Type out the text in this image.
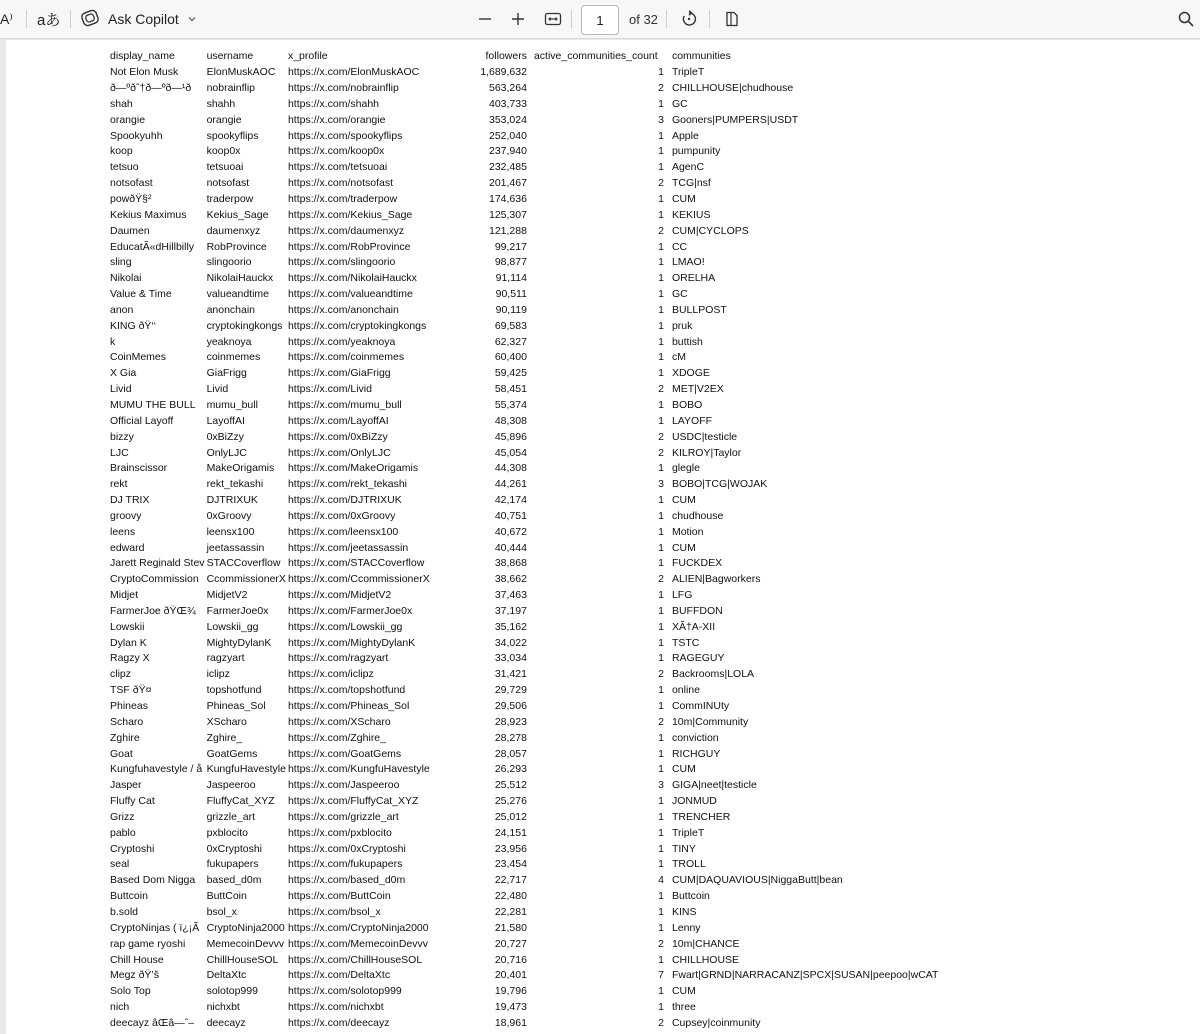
A⁾ aあ	Ask Copilot	1	of 32
display_name	username	x_profile	followers	active_communities_count	communities
Not Elon Musk	ElonMuskAOC	https://x.com/ElonMuskAOC	1,689,632	1	TripleT
ð—ºðˆ†ð—ºð—¹ð	nobrainflip	https://x.com/nobrainflip	563,264	2	CHILLHOUSE|chudhouse
shah	shahh	https://x.com/shahh	403,733	1	GC
orangie	orangie	https://x.com/orangie	353,024	3	Gooners|PUMPERS|USDT
Spookyuhh	spookyflips	https://x.com/spookyflips	252,040	1	Apple
koop	koop0x	https://x.com/koop0x	237,940	1	pumpunity
tetsuo	tetsuoai	https://x.com/tetsuoai	232,485	1	AgenC
notsofast	notsofast	https://x.com/notsofast	201,467	2	TCG|nsf
powðŸ§²	traderpow	https://x.com/traderpow	174,636	1	CUM
Kekius Maximus	Kekius_Sage	https://x.com/Kekius_Sage	125,307	1	KEKIUS
Daumen	daumenxyz	https://x.com/daumenxyz	121,288	2	CUM|CYCLOPS
EducatÃ«dHillbilly	RobProvince	https://x.com/RobProvince	99,217	1	CC
sling	slingoorio	https://x.com/slingoorio	98,877	1	LMAO!
Nikolai	NikolaiHauckx	https://x.com/NikolaiHauckx	91,114	1	ORELHA
Value & Time	valueandtime	https://x.com/valueandtime	90,511	1	GC
anon	anonchain	https://x.com/anonchain	90,119	1	BULLPOST
KING ðŸ‘‘	cryptokingkongs	https://x.com/cryptokingkongs	69,583	1	pruk
k	yeaknoya	https://x.com/yeaknoya	62,327	1	buttish
CoinMemes	coinmemes	https://x.com/coinmemes	60,400	1	cM
X Gia	GiaFrigg	https://x.com/GiaFrigg	59,425	1	XDOGE
Livid	Livid	https://x.com/Livid	58,451	2	MET|V2EX
MUMU THE BULL	mumu_bull	https://x.com/mumu_bull	55,374	1	BOBO
Official Layoff	LayoffAI	https://x.com/LayoffAI	48,308	1	LAYOFF
bizzy	0xBiZzy	https://x.com/0xBiZzy	45,896	2	USDC|testicle
LJC	OnlyLJC	https://x.com/OnlyLJC	45,054	2	KILROY|Taylor
Brainscissor	MakeOrigamis	https://x.com/MakeOrigamis	44,308	1	glegle
rekt	rekt_tekashi	https://x.com/rekt_tekashi	44,261	3	BOBO|TCG|WOJAK
DJ TRIX	DJTRIXUK	https://x.com/DJTRIXUK	42,174	1	CUM
groovy	0xGroovy	https://x.com/0xGroovy	40,751	1	chudhouse
leens	leensx100	https://x.com/leensx100	40,672	1	Motion
edward	jeetassassin	https://x.com/jeetassassin	40,444	1	CUM
Jarett Reginald Stev	STACCoverflow	https://x.com/STACCoverflow	38,868	1	FUCKDEX
CryptoCommission	CcommissionerX	https://x.com/CcommissionerX	38,662	2	ALIEN|Bagworkers
Midjet	MidjetV2	https://x.com/MidjetV2	37,463	1	LFG
FarmerJoe ðŸŒ¾	FarmerJoe0x	https://x.com/FarmerJoe0x	37,197	1	BUFFDON
Lowskii	Lowskii_gg	https://x.com/Lowskii_gg	35,162	1	XÃ†A-XII
Dylan K	MightyDylanK	https://x.com/MightyDylanK	34,022	1	TSTC
Ragzy X	ragzyart	https://x.com/ragzyart	33,034	1	RAGEGUY
clipz	iclipz	https://x.com/iclipz	31,421	2	Backrooms|LOLA
TSF ðŸ¤	topshotfund	https://x.com/topshotfund	29,729	1	online
Phineas	Phineas_Sol	https://x.com/Phineas_Sol	29,506	1	CommINUty
Scharo	XScharo	https://x.com/XScharo	28,923	2	10m|Community
Zghire	Zghire_	https://x.com/Zghire_	28,278	1	conviction
Goat	GoatGems	https://x.com/GoatGems	28,057	1	RICHGUY
Kungfuhavestyle / å	KungfuHavestyle	https://x.com/KungfuHavestyle	26,293	1	CUM
Jasper	Jaspeeroo	https://x.com/Jaspeeroo	25,512	3	GIGA|neet|testicle
Fluffy Cat	FluffyCat_XYZ	https://x.com/FluffyCat_XYZ	25,276	1	JONMUD
Grizz	grizzle_art	https://x.com/grizzle_art	25,012	1	TRENCHER
pablo	pxblocito	https://x.com/pxblocito	24,151	1	TripleT
Cryptoshi	0xCryptoshi	https://x.com/0xCryptoshi	23,956	1	TINY
seal	fukupapers	https://x.com/fukupapers	23,454	1	TROLL
Based Dom Nigga	based_d0m	https://x.com/based_d0m	22,717	4	CUM|DAQUAVIOUS|NiggaButt|bean
Buttcoin	ButtCoin	https://x.com/ButtCoin	22,480	1	Buttcoin
b.sold	bsol_x	https://x.com/bsol_x	22,281	1	KINS
CryptoNinjas ( ï¿¡Ã	CryptoNinja2000	https://x.com/CryptoNinja2000	21,580	1	Lenny
rap game ryoshi	MemecoinDevvv	https://x.com/MemecoinDevvv	20,727	2	10m|CHANCE
Chill House	ChillHouseSOL	https://x.com/ChillHouseSOL	20,716	1	CHILLHOUSE
Megz ðŸ’š	DeltaXtc	https://x.com/DeltaXtc	20,401	7	Fwart|GRND|NARRACANZ|SPCX|SUSAN|peepoo|wCAT
Solo Top	solotop999	https://x.com/solotop999	19,796	1	CUM
nich	nichxbt	https://x.com/nichxbt	19,473	1	three
deecayz âŒâ—ˆ–	deecayz	https://x.com/deecayz	18,961	2	Cupsey|coinmunity
